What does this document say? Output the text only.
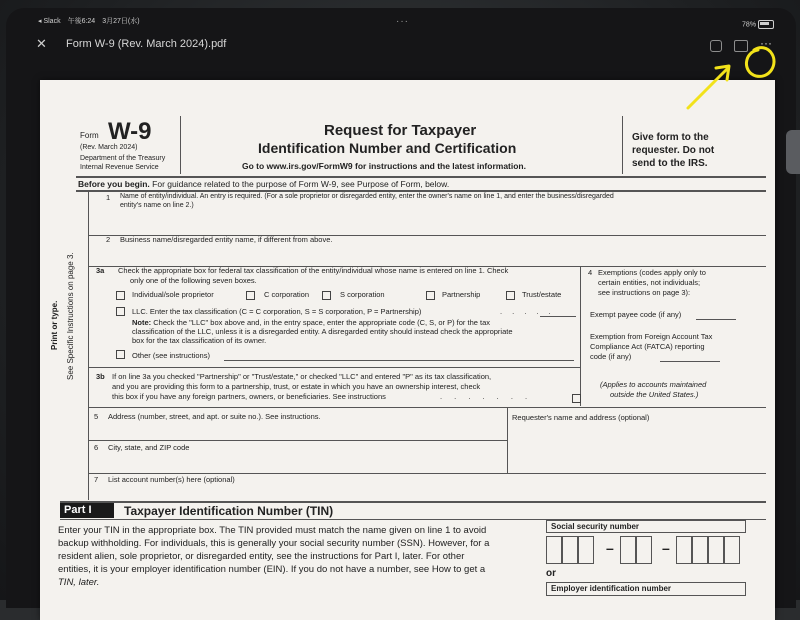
◂ Slack　午後6:24　3月27日(水)	···	78%
✕ Form W-9 (Rev. March 2024).pdf	···
Form W-9
(Rev. March 2024)
Department of the Treasury
Internal Revenue Service
Request for Taxpayer
Identification Number and Certification
Go to www.irs.gov/FormW9 for instructions and the latest information.
Give form to the
requester. Do not
send to the IRS.
Before you begin. For guidance related to the purpose of Form W-9, see Purpose of Form, below.
Print or type. See Specific Instructions on page 3.
1 Name of entity/individual. An entry is required. (For a sole proprietor or disregarded entity, enter the owner's name on line 1, and enter the business/disregarded
entity's name on line 2.)
2 Business name/disregarded entity name, if different from above.
3a Check the appropriate box for federal tax classification of the entity/individual whose name is entered on line 1. Check
only one of the following seven boxes.
Individual/sole proprietor	C corporation	S corporation	Partnership	Trust/estate
LLC. Enter the tax classification (C = C corporation, S = S corporation, P = Partnership)	. . . . .
Note: Check the "LLC" box above and, in the entry space, enter the appropriate code (C, S, or P) for the tax
classification of the LLC, unless it is a disregarded entity. A disregarded entity should instead check the appropriate
box for the tax classification of its owner.
Other (see instructions)
4 Exemptions (codes apply only to
certain entities, not individuals;
see instructions on page 3):
Exempt payee code (if any)
Exemption from Foreign Account Tax
Compliance Act (FATCA) reporting
code (if any)
(Applies to accounts maintained
outside the United States.)
3b If on line 3a you checked "Partnership" or "Trust/estate," or checked "LLC" and entered "P" as its tax classification,
and you are providing this form to a partnership, trust, or estate in which you have an ownership interest, check
this box if you have any foreign partners, owners, or beneficiaries. See instructions	. . . . . . .
5 Address (number, street, and apt. or suite no.). See instructions.	Requester's name and address (optional)
6 City, state, and ZIP code
7 List account number(s) here (optional)
Part I	Taxpayer Identification Number (TIN)
Enter your TIN in the appropriate box. The TIN provided must match the name given on line 1 to avoid
backup withholding. For individuals, this is generally your social security number (SSN). However, for a
resident alien, sole proprietor, or disregarded entity, see the instructions for Part I, later. For other
entities, it is your employer identification number (EIN). If you do not have a number, see How to get a
TIN, later.
Social security number
–	–
or
Employer identification number
